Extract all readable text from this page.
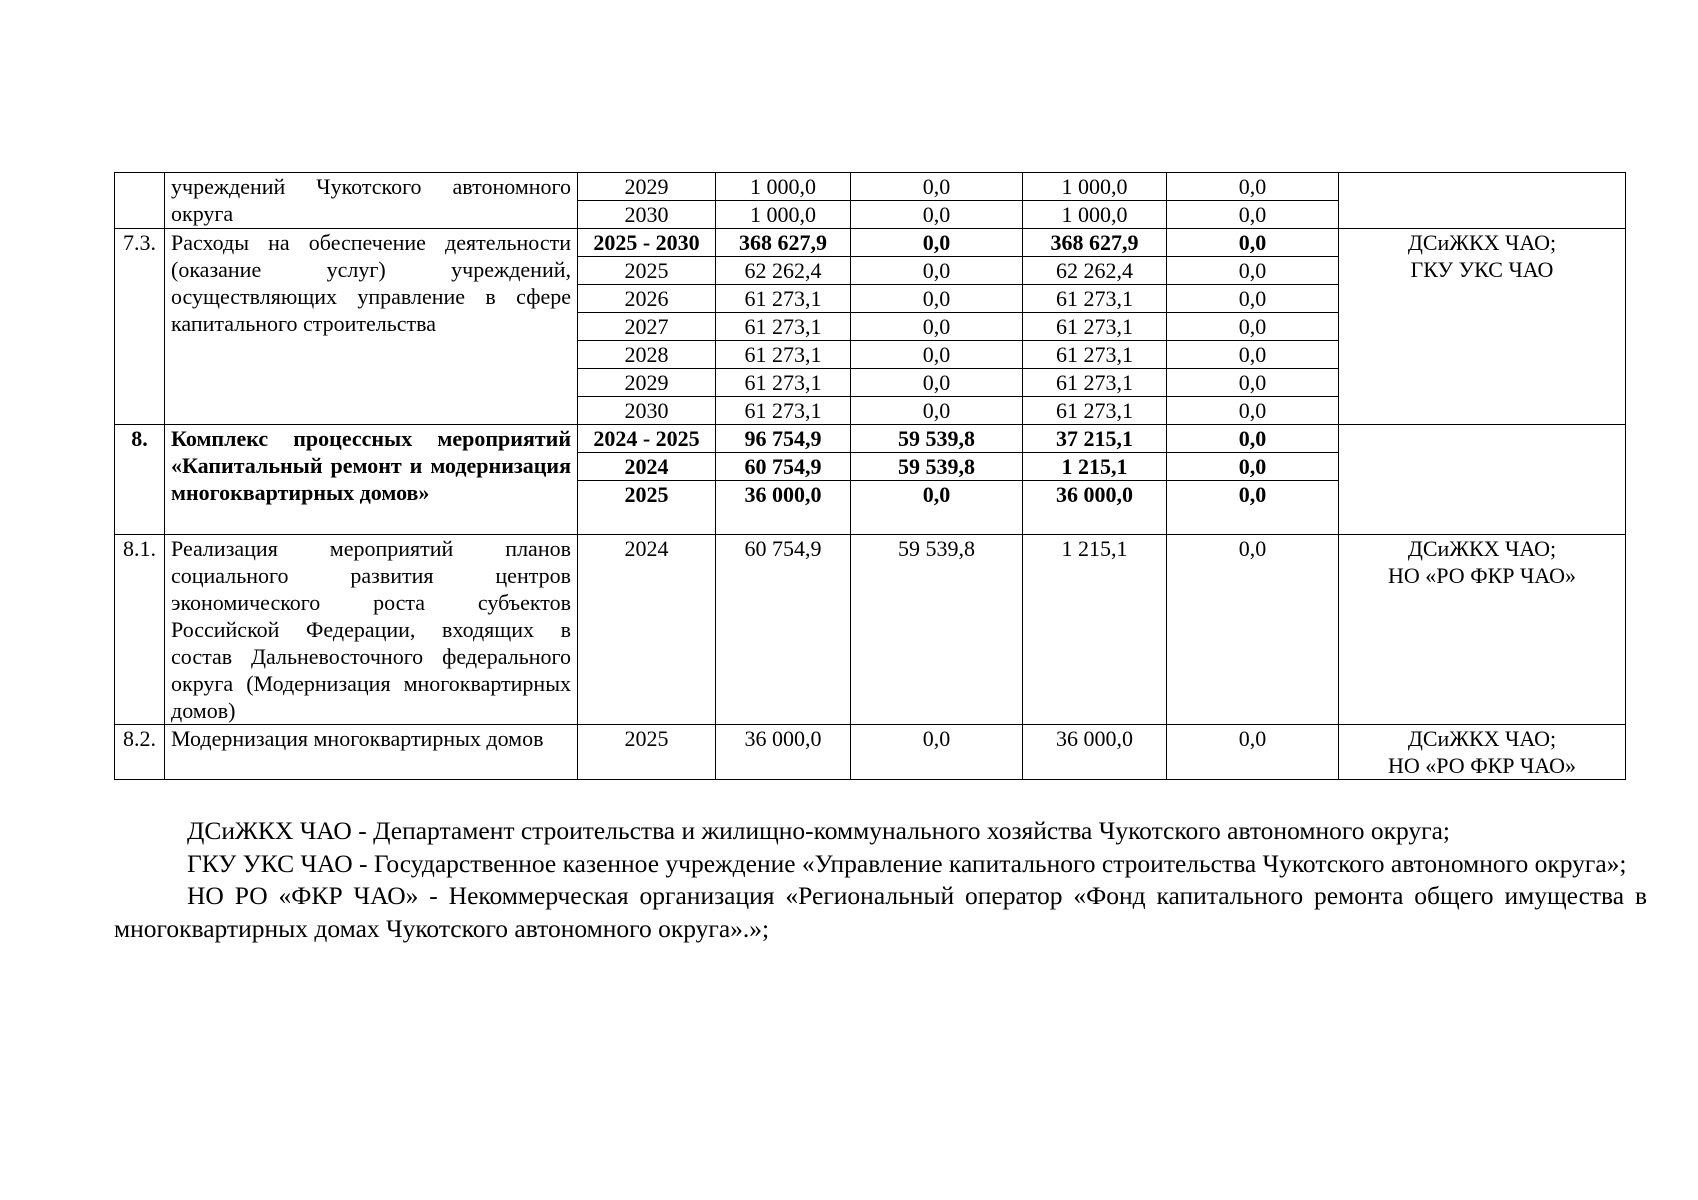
	учреждений Чукотского автономного округа	2029	1 000,0	0,0	1 000,0	0,0	
		2030	1 000,0	0,0	1 000,0	0,0	
7.3.	Расходы на обеспечение деятельности (оказание услуг) учреждений, осуществляющих управление в сфере капитального строительства	2025 - 2030	368 627,9	0,0	368 627,9	0,0	ДСиЖКХ ЧАО;
ГКУ УКС ЧАО

		2025	62 262,4	0,0	62 262,4	0,0	
		2026	61 273,1	0,0	61 273,1	0,0	
		2027	61 273,1	0,0	61 273,1	0,0	
		2028	61 273,1	0,0	61 273,1	0,0	
		2029	61 273,1	0,0	61 273,1	0,0	
		2030	61 273,1	0,0	61 273,1	0,0	
8.	Комплекс процессных мероприятий «Капитальный ремонт и модернизация многоквартирных домов»	2024 - 2025	96 754,9	59 539,8	37 215,1	0,0	
		2024	60 754,9	59 539,8	1 215,1	0,0	
		2025	36 000,0	0,0	36 000,0	0,0	
8.1.	Реализация мероприятий планов социального развития центров экономического роста субъектов Российской Федерации, входящих в состав Дальневосточного федерального округа (Модернизация многоквартирных домов)	2024	60 754,9	59 539,8	1 215,1	0,0	ДСиЖКХ ЧАО;
НО «РО ФКР ЧАО»

8.2.	Модернизация многоквартирных домов	2025	36 000,0	0,0	36 000,0	0,0	ДСиЖКХ ЧАО;
НО «РО ФКР ЧАО»

ДСиЖКХ ЧАО - Департамент строительства и жилищно-коммунального хозяйства Чукотского автономного округа;

ГКУ УКС ЧАО - Государственное казенное учреждение «Управление капитального строительства Чукотского автономного округа»;

НО РО «ФКР ЧАО» - Некоммерческая организация «Региональный оператор «Фонд капитального ремонта общего имущества в многоквартирных домах Чукотского автономного округа».»;
